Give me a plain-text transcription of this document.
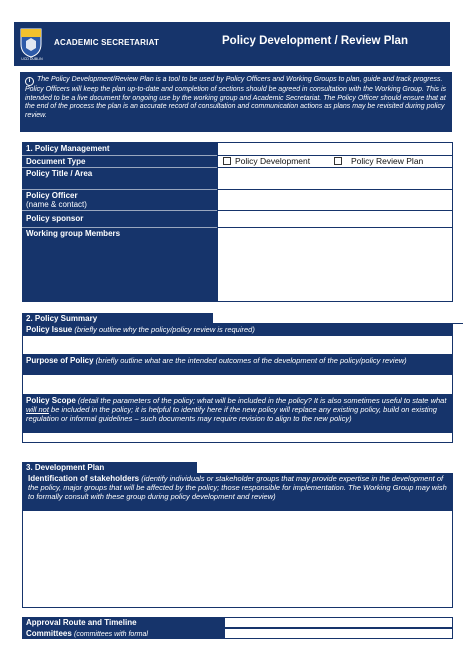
UCD DUBLIN
ACADEMIC SECRETARIAT	Policy Development / Review Plan
i The Policy Development/Review Plan is a tool to be used by Policy Officers and Working Groups to plan, guide and track progress. Policy Officers will keep the plan up-to-date and completion of sections should be agreed in consultation with the Working Group. This is intended to be a live document for ongoing use by the working group and Academic Secretariat. The Policy Officer should ensure that at the end of the process the plan is an accurate record of consultation and communication actions as plans may be revisited during policy review.
1. Policy Management
Document Type	Policy Development	Policy Review Plan
Policy Title / Area
Policy Officer
(name & contact)
Policy sponsor
Working group Members
2. Policy Summary
Policy Issue (briefly outline why the policy/policy review is required)
Purpose of Policy (briefly outline what are the intended outcomes of the development of the policy/policy review)
Policy Scope (detail the parameters of the policy; what will be included in the policy? It is also sometimes useful to state what will not be included in the policy; it is helpful to identify here if the new policy will replace any existing policy, build on existing regulation or informal guidelines – such documents may require revision to align to the new policy)
3. Development Plan
Identification of stakeholders (identify individuals or stakeholder groups that may provide expertise in the development of the policy, major groups that will be affected by the policy; those responsible for implementation. The Working Group may wish to formally consult with these group during policy development and review)
Approval Route and Timeline
Committees (committees with formal
